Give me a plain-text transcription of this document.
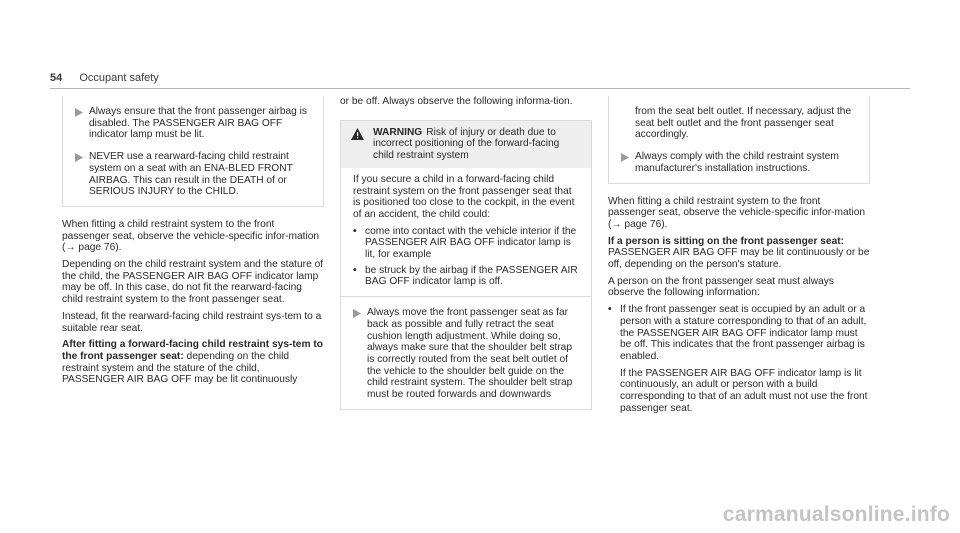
54 Occupant safety
Always ensure that the front passenger airbag is disabled. The PASSENGER AIR BAG OFF indicator lamp must be lit.
NEVER use a rearward-facing child restraint system on a seat with an ENA-BLED FRONT AIRBAG. This can result in the DEATH of or SERIOUS INJURY to the CHILD.

When fitting a child restraint system to the front passenger seat, observe the vehicle-specific infor-mation (→ page 76).

Depending on the child restraint system and the stature of the child, the PASSENGER AIR BAG OFF indicator lamp may be off. In this case, do not fit the rearward-facing child restraint system to the front passenger seat.

Instead, fit the rearward-facing child restraint sys-tem to a suitable rear seat.

After fitting a forward-facing child restraint sys-tem to the front passenger seat: depending on the child restraint system and the stature of the child, PASSENGER AIR BAG OFF may be lit continuously

or be off. Always observe the following informa-tion.

WARNING Risk of injury or death due to incorrect positioning of the forward-facing child restraint system

If you secure a child in a forward-facing child restraint system on the front passenger seat that is positioned too close to the cockpit, in the event of an accident, the child could:

• come into contact with the vehicle interior if the PASSENGER AIR BAG OFF indicator lamp is lit, for example
• be struck by the airbag if the PASSENGER AIR BAG OFF indicator lamp is off.
Always move the front passenger seat as far back as possible and fully retract the seat cushion length adjustment. While doing so, always make sure that the shoulder belt strap is correctly routed from the seat belt outlet of the vehicle to the shoulder belt guide on the child restraint system. The shoulder belt strap must be routed forwards and downwards

from the seat belt outlet. If necessary, adjust the seat belt outlet and the front passenger seat accordingly.

Always comply with the child restraint system manufacturer's installation instructions.

When fitting a child restraint system to the front passenger seat, observe the vehicle-specific infor-mation (→ page 76).

If a person is sitting on the front passenger seat:
PASSENGER AIR BAG OFF may be lit continuously or be off, depending on the person's stature.

A person on the front passenger seat must always observe the following information:

• If the front passenger seat is occupied by an adult or a person with a stature corresponding to that of an adult, the PASSENGER AIR BAG OFF indicator lamp must be off. This indicates that the front passenger airbag is enabled.

If the PASSENGER AIR BAG OFF indicator lamp is lit continuously, an adult or person with a build corresponding to that of an adult must not use the front passenger seat.

carmanualsonline.info
